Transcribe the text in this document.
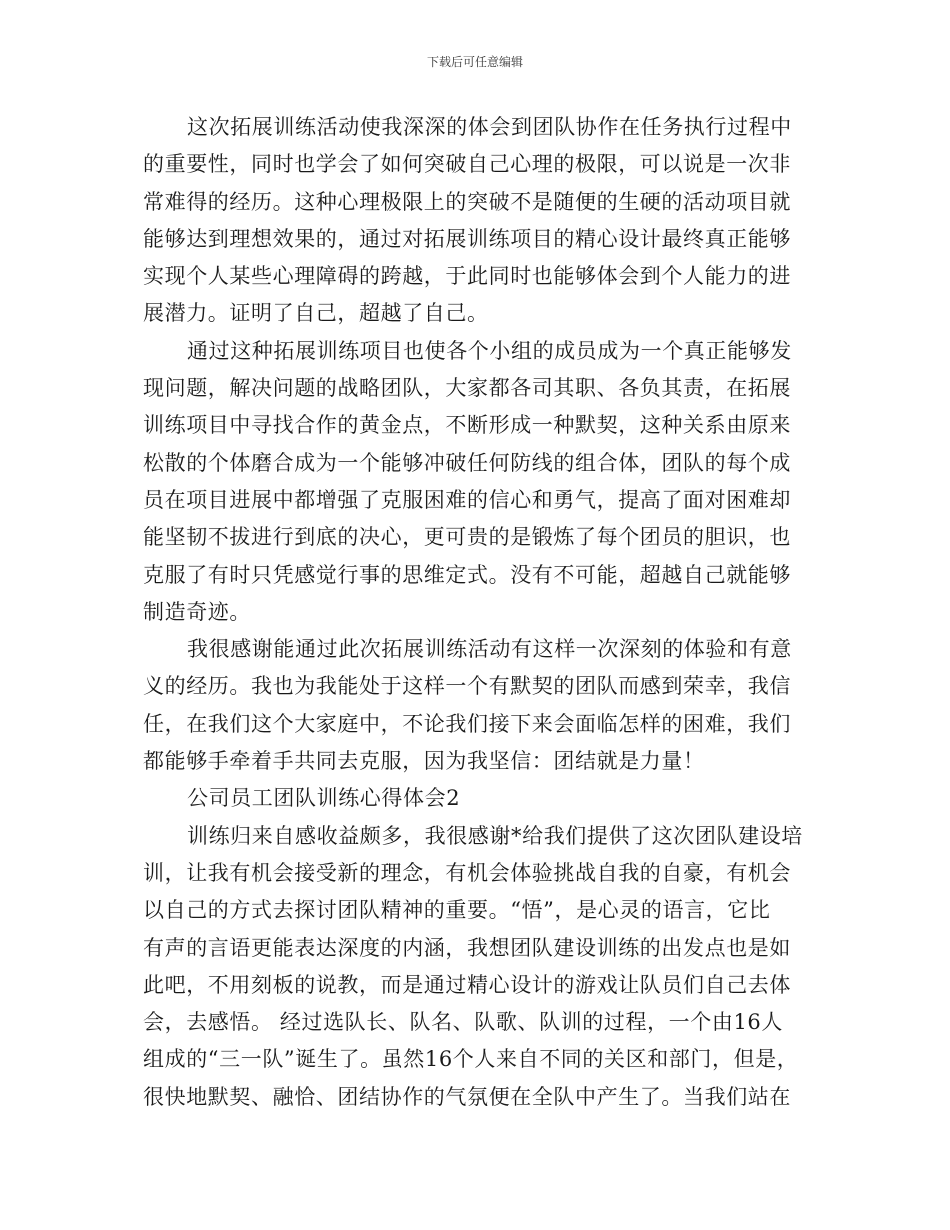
下载后可任意编辑
这次拓展训练活动使我深深的体会到团队协作在任务执行过程中
的重要性，同时也学会了如何突破自己心理的极限，可以说是一次非
常难得的经历。这种心理极限上的突破不是随便的生硬的活动项目就
能够达到理想效果的，通过对拓展训练项目的精心设计最终真正能够
实现个人某些心理障碍的跨越，于此同时也能够体会到个人能力的进
展潜力。证明了自己，超越了自己。
通过这种拓展训练项目也使各个小组的成员成为一个真正能够发
现问题，解决问题的战略团队，大家都各司其职、各负其责，在拓展
训练项目中寻找合作的黄金点，不断形成一种默契，这种关系由原来
松散的个体磨合成为一个能够冲破任何防线的组合体，团队的每个成
员在项目进展中都增强了克服困难的信心和勇气，提高了面对困难却
能坚韧不拔进行到底的决心，更可贵的是锻炼了每个团员的胆识，也
克服了有时只凭感觉行事的思维定式。没有不可能，超越自己就能够
制造奇迹。
我很感谢能通过此次拓展训练活动有这样一次深刻的体验和有意
义的经历。我也为我能处于这样一个有默契的团队而感到荣幸，我信
任，在我们这个大家庭中，不论我们接下来会面临怎样的困难，我们
都能够手牵着手共同去克服，因为我坚信：团结就是力量！
公司员工团队训练心得体会2
训练归来自感收益颇多，我很感谢*给我们提供了这次团队建设培
训，让我有机会接受新的理念，有机会体验挑战自我的自豪，有机会
以自己的方式去探讨团队精神的重要。“悟”，是心灵的语言，它比
有声的言语更能表达深度的内涵，我想团队建设训练的出发点也是如
此吧，不用刻板的说教，而是通过精心设计的游戏让队员们自己去体
会，去感悟。 经过选队长、队名、队歌、队训的过程，一个由16人
组成的“三一队”诞生了。虽然16个人来自不同的关区和部门，但是，
很快地默契、融恰、团结协作的气氛便在全队中产生了。当我们站在
